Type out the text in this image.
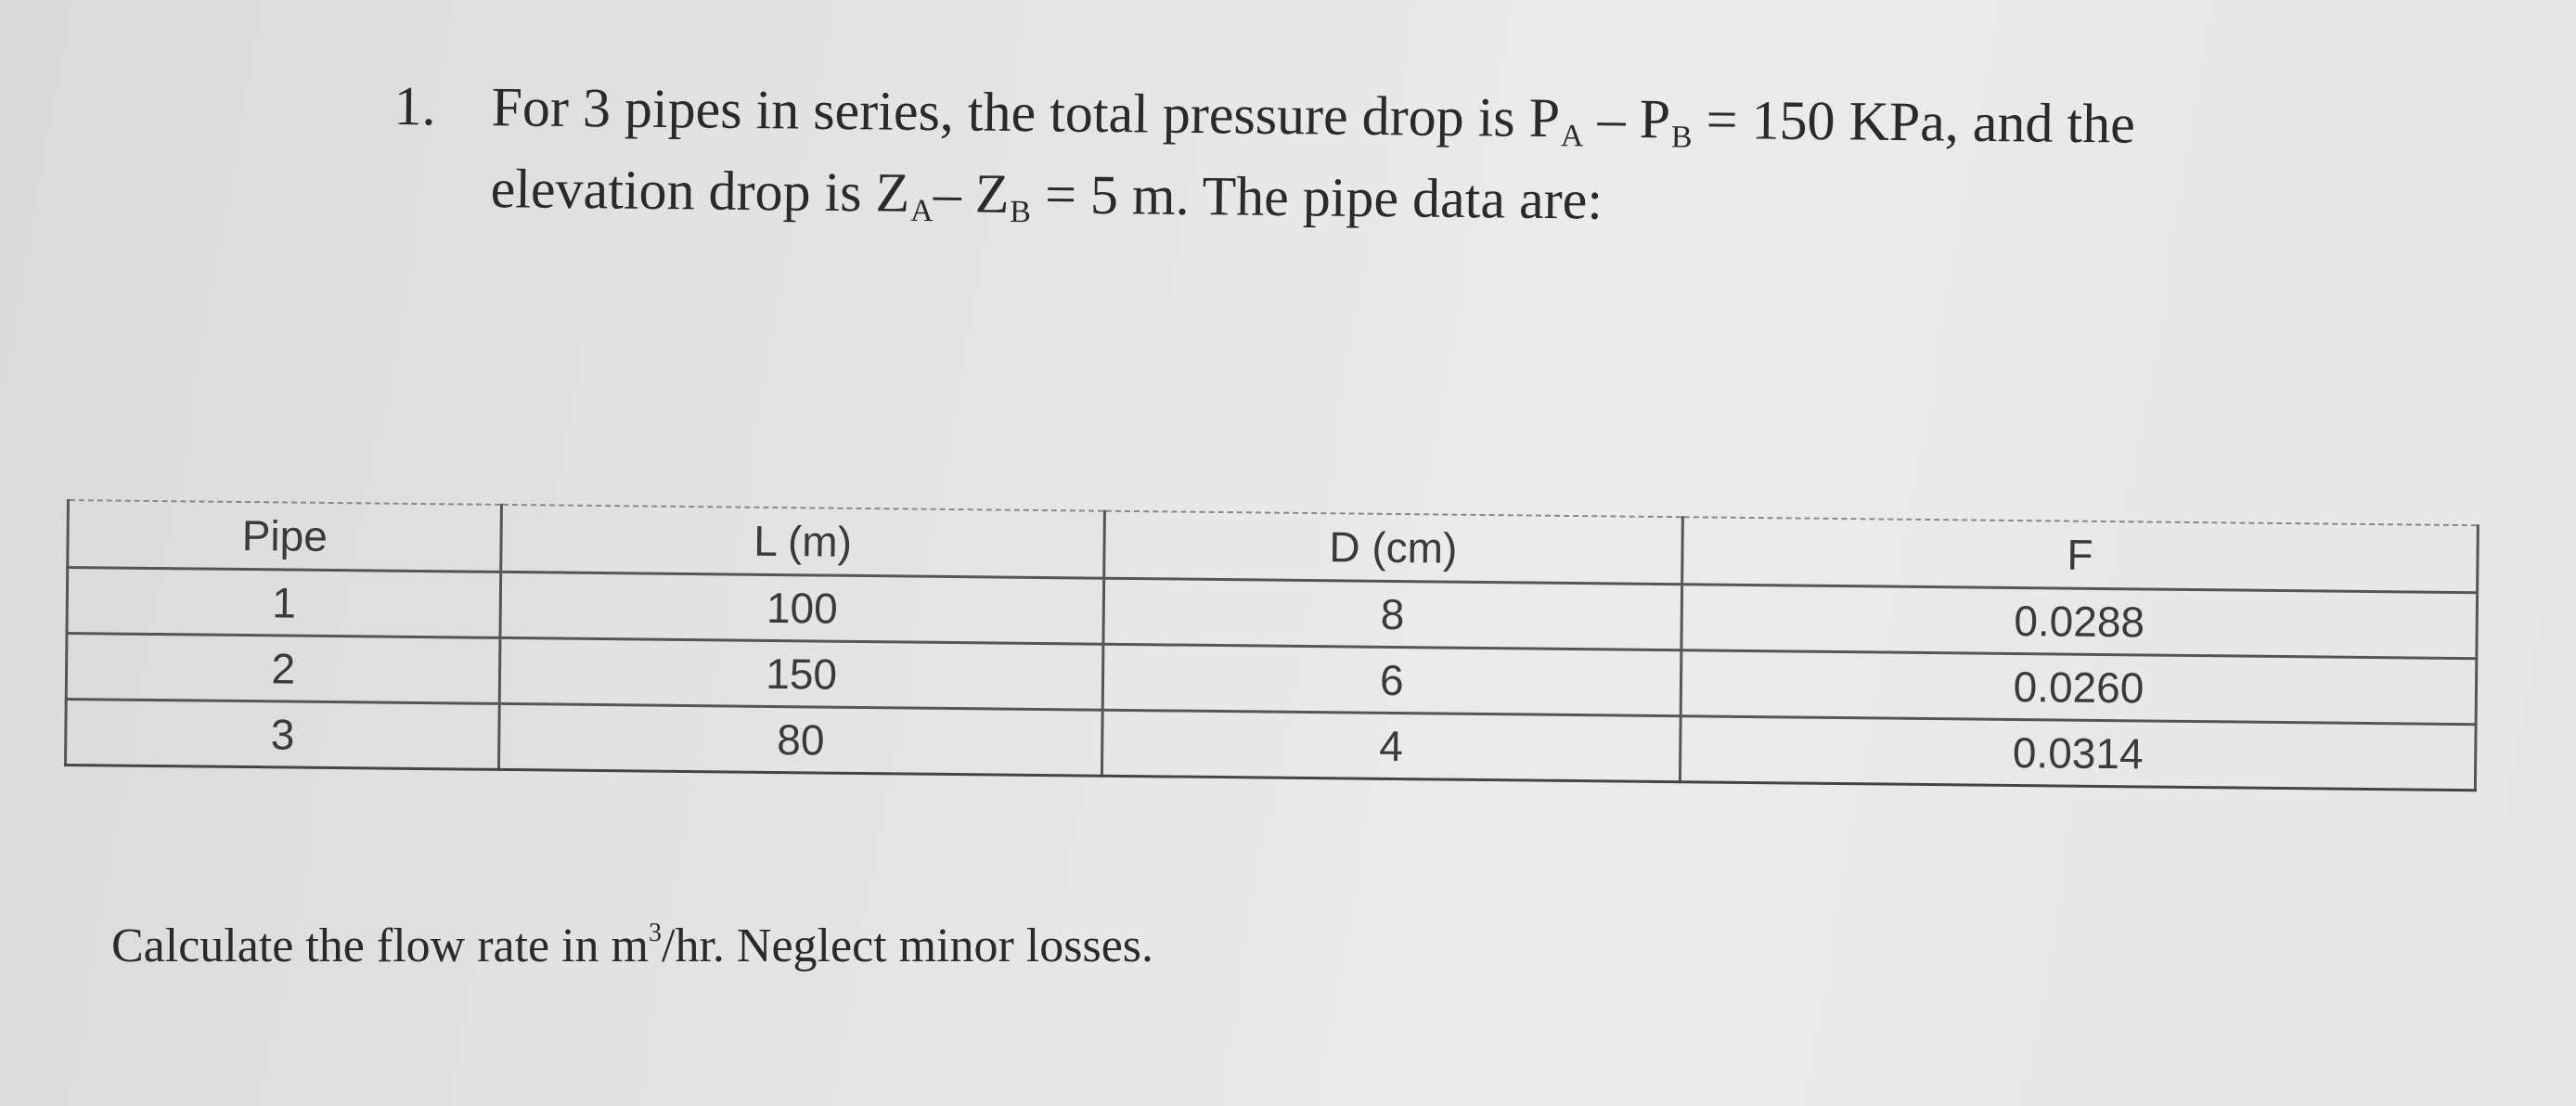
1. For 3 pipes in series, the total pressure drop is $P_A - P_B = 150$ KPa, and the
elevation drop is $Z_A-$ $Z_B = 5$ m. The pipe data are:
Pipe	L (m)	D (cm)	F
1	100	8	0.0288
2	150	6	0.0260
3	80	4	0.0314
Calculate the flow rate in $m^3/hr$. Neglect minor losses.
